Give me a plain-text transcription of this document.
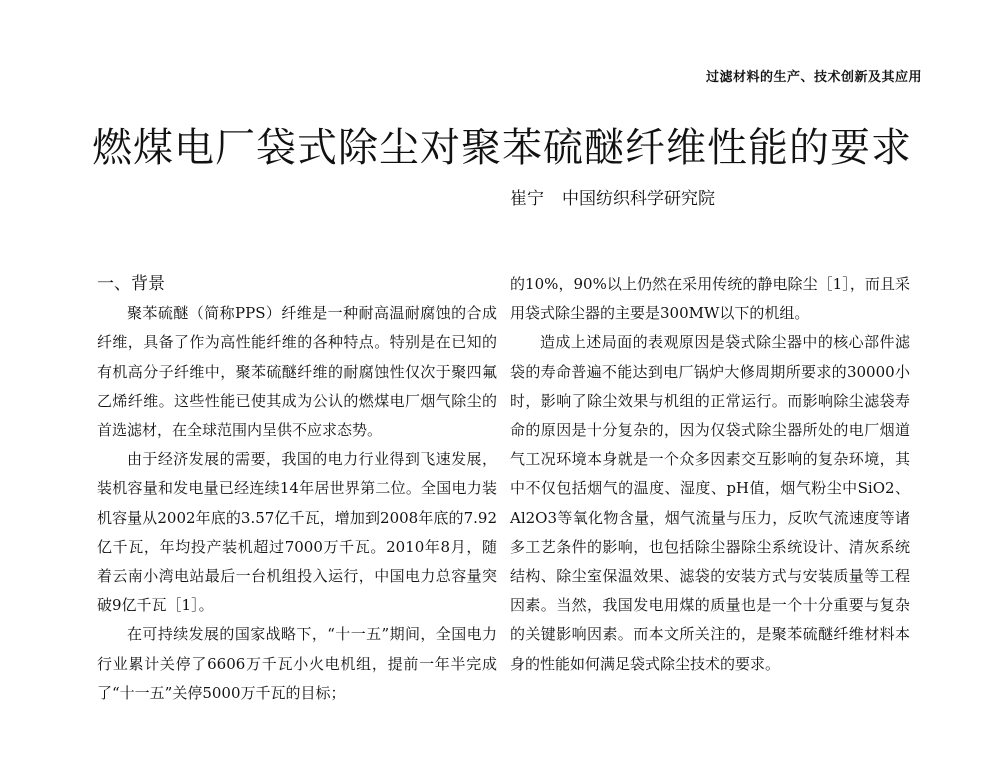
过滤材料的生产、技术创新及其应用
燃煤电厂袋式除尘对聚苯硫醚纤维性能的要求
崔宁 中国纺织科学研究院

一、背景

聚苯硫醚（简称PPS）纤维是一种耐高温耐腐蚀的合成纤维，具备了作为高性能纤维的各种特点。特别是在已知的有机高分子纤维中，聚苯硫醚纤维的耐腐蚀性仅次于聚四氟乙烯纤维。这些性能已使其成为公认的燃煤电厂烟气除尘的首选滤材，在全球范围内呈供不应求态势。

由于经济发展的需要，我国的电力行业得到飞速发展，装机容量和发电量已经连续14年居世界第二位。全国电力装机容量从2002年底的3.57亿千瓦，增加到2008年底的7.92亿千瓦，年均投产装机超过7000万千瓦。2010年8月，随着云南小湾电站最后一台机组投入运行，中国电力总容量突破9亿千瓦［1］。

在可持续发展的国家战略下，“十一五”期间，全国电力行业累计关停了6606万千瓦小火电机组，提前一年半完成了“十一五”关停5000万千瓦的目标；

的10%，90%以上仍然在采用传统的静电除尘［1］，而且采用袋式除尘器的主要是300MW以下的机组。

造成上述局面的表观原因是袋式除尘器中的核心部件滤袋的寿命普遍不能达到电厂锅炉大修周期所要求的30000小时，影响了除尘效果与机组的正常运行。而影响除尘滤袋寿命的原因是十分复杂的，因为仅袋式除尘器所处的电厂烟道气工况环境本身就是一个众多因素交互影响的复杂环境，其中不仅包括烟气的温度、湿度、pH值，烟气粉尘中SiO2、Al2O3等氧化物含量，烟气流量与压力，反吹气流速度等诸多工艺条件的影响，也包括除尘器除尘系统设计、清灰系统结构、除尘室保温效果、滤袋的安装方式与安装质量等工程因素。当然，我国发电用煤的质量也是一个十分重要与复杂的关键影响因素。而本文所关注的，是聚苯硫醚纤维材料本身的性能如何满足袋式除尘技术的要求。
